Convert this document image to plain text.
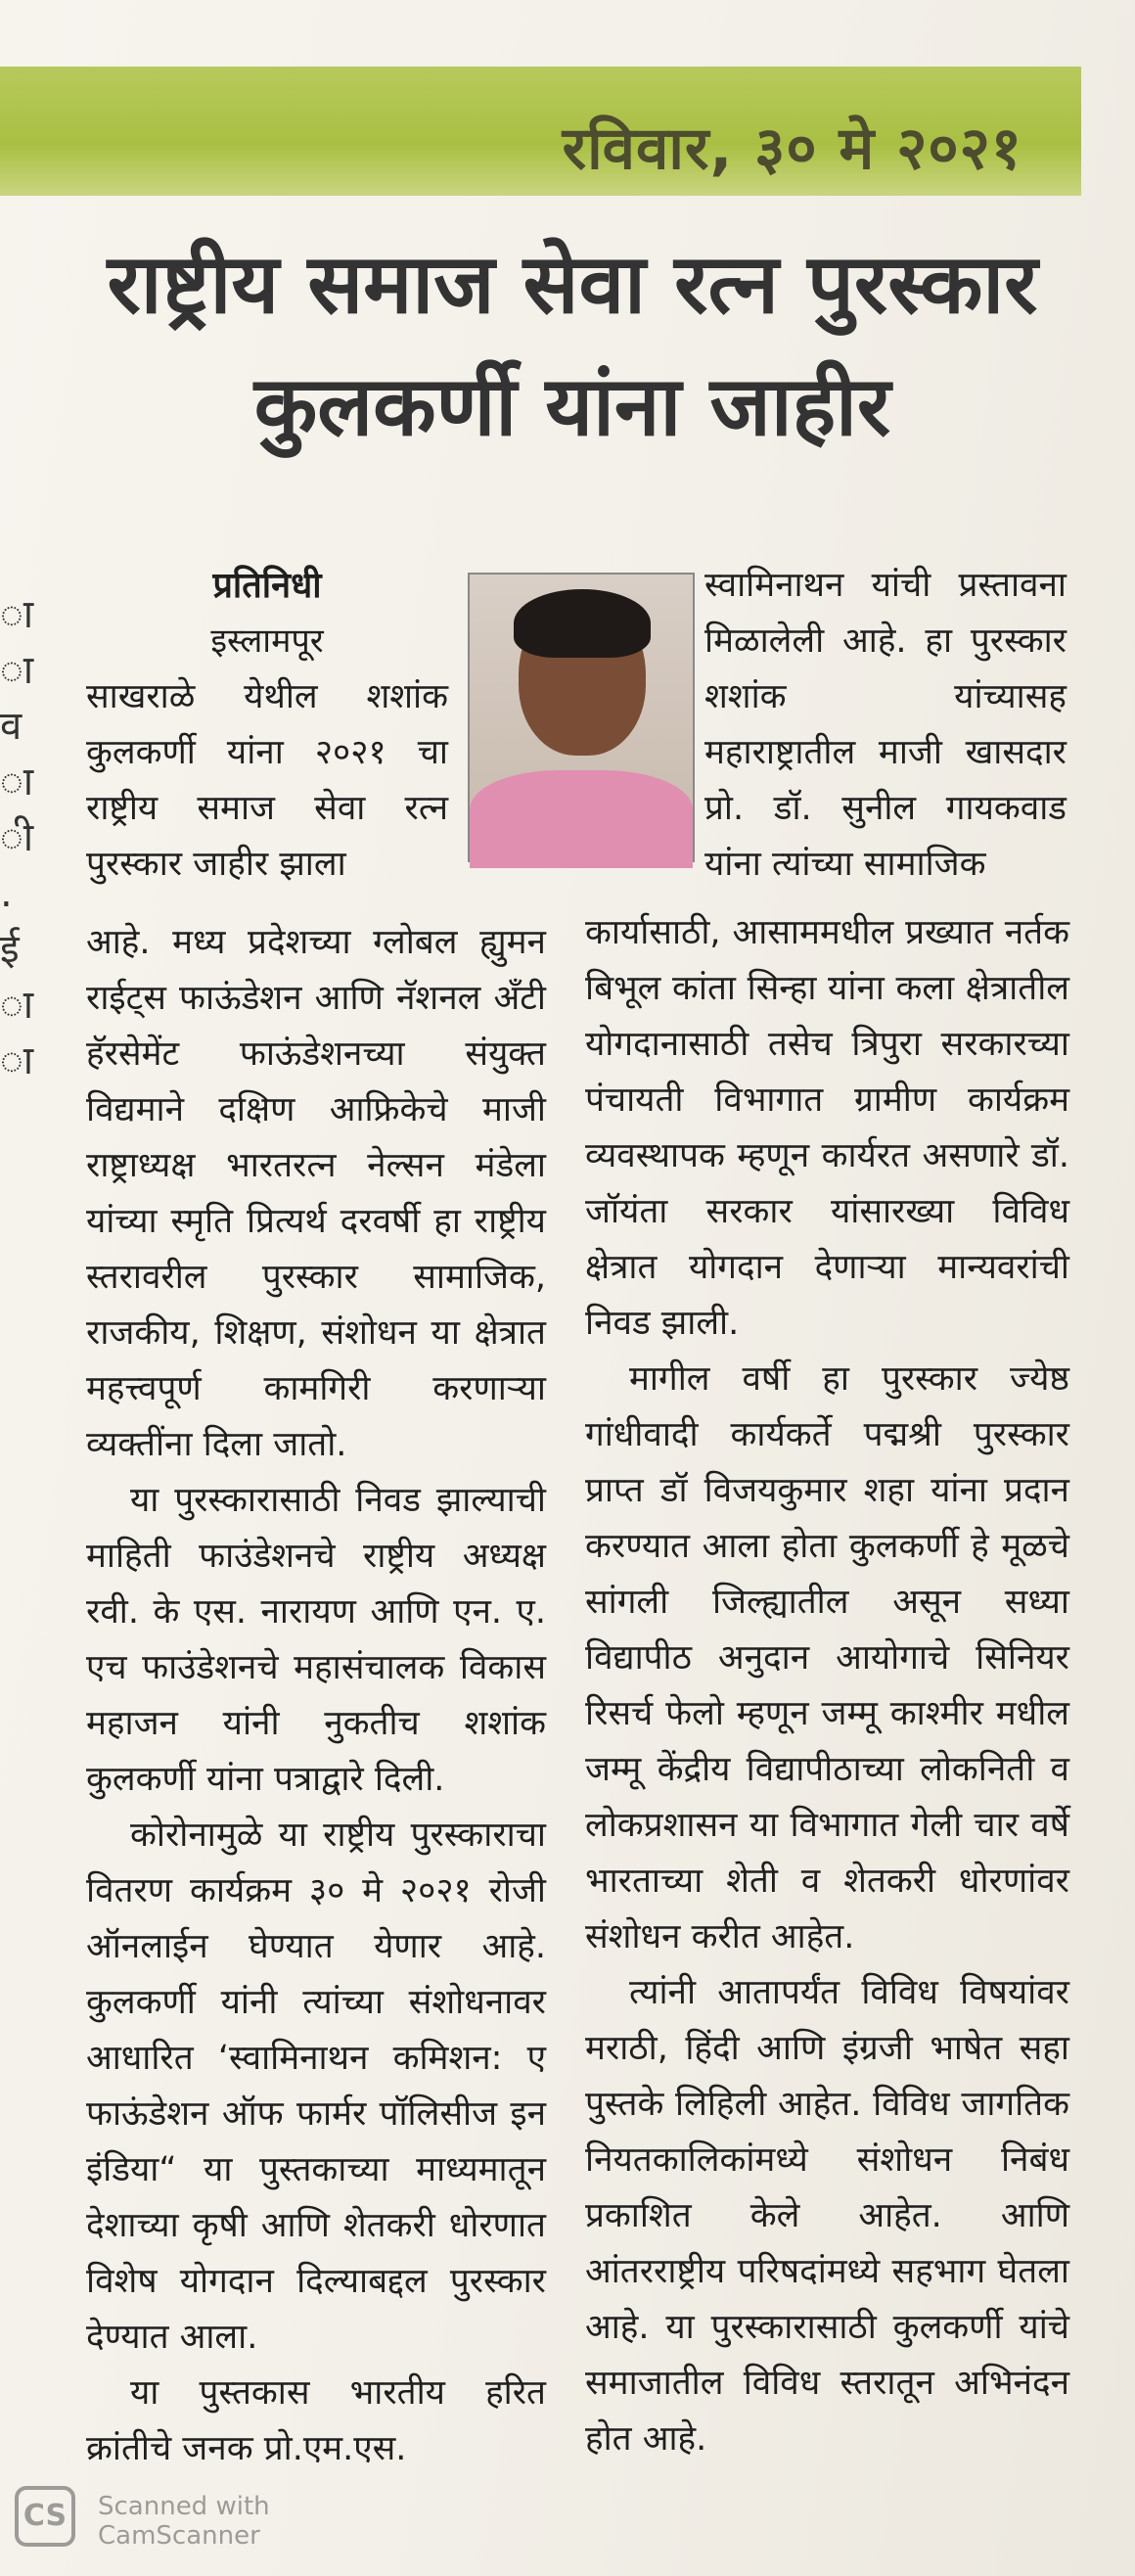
रविवार, ३० मे २०२१
राष्ट्रीय समाज सेवा रत्न पुरस्कार
कुलकर्णी यांना जाहीर
ा
ा
व
ा
ी
.
ई
ा
ा
प्रतिनिधी
इस्लामपूर

साखराळे येथील शशांक कुलकर्णी यांना २०२१ चा राष्ट्रीय समाज सेवा रत्न पुरस्कार जाहीर झाला

स्वामिनाथन यांची प्रस्तावना मिळालेली आहे. हा पुरस्कार शशांक यांच्यासह महाराष्ट्रातील माजी खासदार प्रो. डॉ. सुनील गायकवाड यांना त्यांच्या सामाजिक

आहे. मध्य प्रदेशच्या ग्लोबल ह्युमन राईट्स फाऊंडेशन आणि नॅशनल अँटी हॅरसेमेंट फाऊंडेशनच्या संयुक्त विद्यमाने दक्षिण आफ्रिकेचे माजी राष्ट्राध्यक्ष भारतरत्न नेल्सन मंडेला यांच्या स्मृति प्रित्यर्थ दरवर्षी हा राष्ट्रीय स्तरावरील पुरस्कार सामाजिक, राजकीय, शिक्षण, संशोधन या क्षेत्रात महत्त्वपूर्ण कामगिरी करणाऱ्या व्यक्तींना दिला जातो.

या पुरस्कारासाठी निवड झाल्याची माहिती फाउंडेशनचे राष्ट्रीय अध्यक्ष रवी. के एस. नारायण आणि एन. ए. एच फाउंडेशनचे महासंचालक विकास महाजन यांनी नुकतीच शशांक कुलकर्णी यांना पत्राद्वारे दिली.

कोरोनामुळे या राष्ट्रीय पुरस्काराचा वितरण कार्यक्रम ३० मे २०२१ रोजी ऑनलाईन घेण्यात येणार आहे. कुलकर्णी यांनी त्यांच्या संशोधनावर आधारित ‘स्वामिनाथन कमिशन: ए फाऊंडेशन ऑफ फार्मर पॉलिसीज इन इंडिया“ या पुस्तकाच्या माध्यमातून देशाच्या कृषी आणि शेतकरी धोरणात विशेष योगदान दिल्याबद्दल पुरस्कार देण्यात आला.

या पुस्तकास भारतीय हरित क्रांतीचे जनक प्रो.एम.एस.

कार्यासाठी, आसाममधील प्रख्यात नर्तक बिभूल कांता सिन्हा यांना कला क्षेत्रातील योगदानासाठी तसेच त्रिपुरा सरकारच्या पंचायती विभागात ग्रामीण कार्यक्रम व्यवस्थापक म्हणून कार्यरत असणारे डॉ. जॉयंता सरकार यांसारख्या विविध क्षेत्रात योगदान देणाऱ्या मान्यवरांची निवड झाली.

मागील वर्षी हा पुरस्कार ज्येष्ठ गांधीवादी कार्यकर्ते पद्मश्री पुरस्कार प्राप्त डॉ विजयकुमार शहा यांना प्रदान करण्यात आला होता कुलकर्णी हे मूळचे सांगली जिल्ह्यातील असून सध्या विद्यापीठ अनुदान आयोगाचे सिनियर रिसर्च फेलो म्हणून जम्मू काश्मीर मधील जम्मू केंद्रीय विद्यापीठाच्या लोकनिती व लोकप्रशासन या विभागात गेली चार वर्षे भारताच्या शेती व शेतकरी धोरणांवर संशोधन करीत आहेत.

त्यांनी आतापर्यंत विविध विषयांवर मराठी, हिंदी आणि इंग्रजी भाषेत सहा पुस्तके लिहिली आहेत. विविध जागतिक नियतकालिकांमध्ये संशोधन निबंध प्रकाशित केले आहेत. आणि आंतरराष्ट्रीय परिषदांमध्ये सहभाग घेतला आहे. या पुरस्कारासाठी कुलकर्णी यांचे समाजातील विविध स्तरातून अभिनंदन होत आहे.

CS	Scanned with
CamScanner
